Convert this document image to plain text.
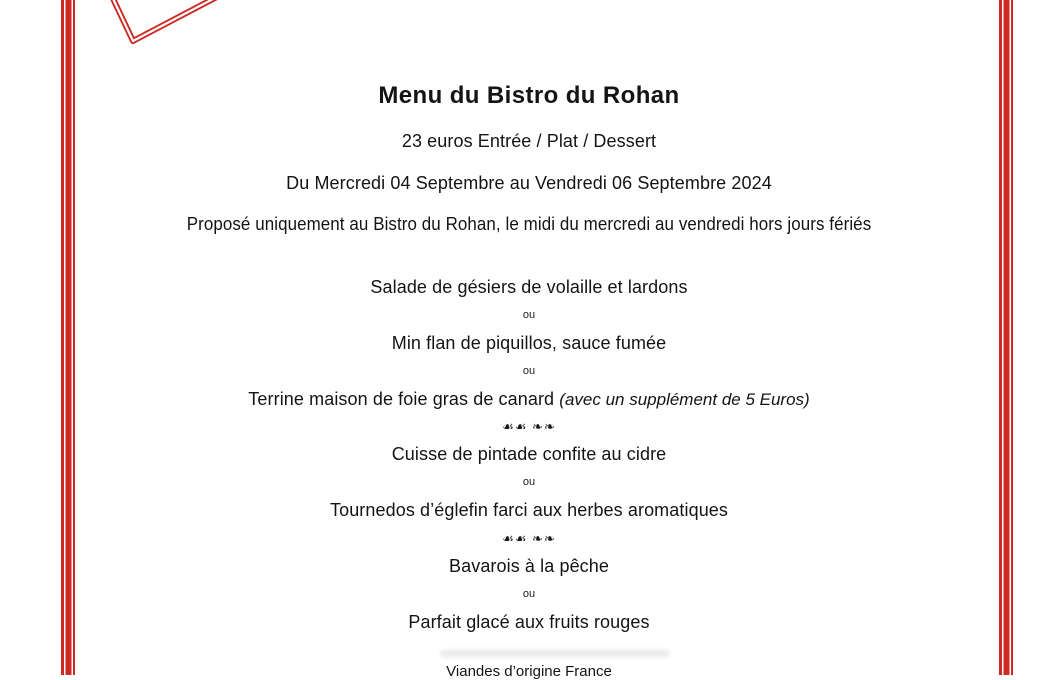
Menu du Bistro du Rohan
23 euros Entrée / Plat / Dessert
Du Mercredi 04 Septembre au Vendredi 06 Septembre 2024
Proposé uniquement au Bistro du Rohan, le midi du mercredi au vendredi hors jours fériés
Salade de gésiers de volaille et lardons
ou
Min flan de piquillos, sauce fumée
ou
Terrine maison de foie gras de canard (avec un supplément de 5 Euros)
☙☙ ❧❧
Cuisse de pintade confite au cidre
ou
Tournedos d’églefin farci aux herbes aromatiques
☙☙ ❧❧
Bavarois à la pêche
ou
Parfait glacé aux fruits rouges
Viandes d’origine France
